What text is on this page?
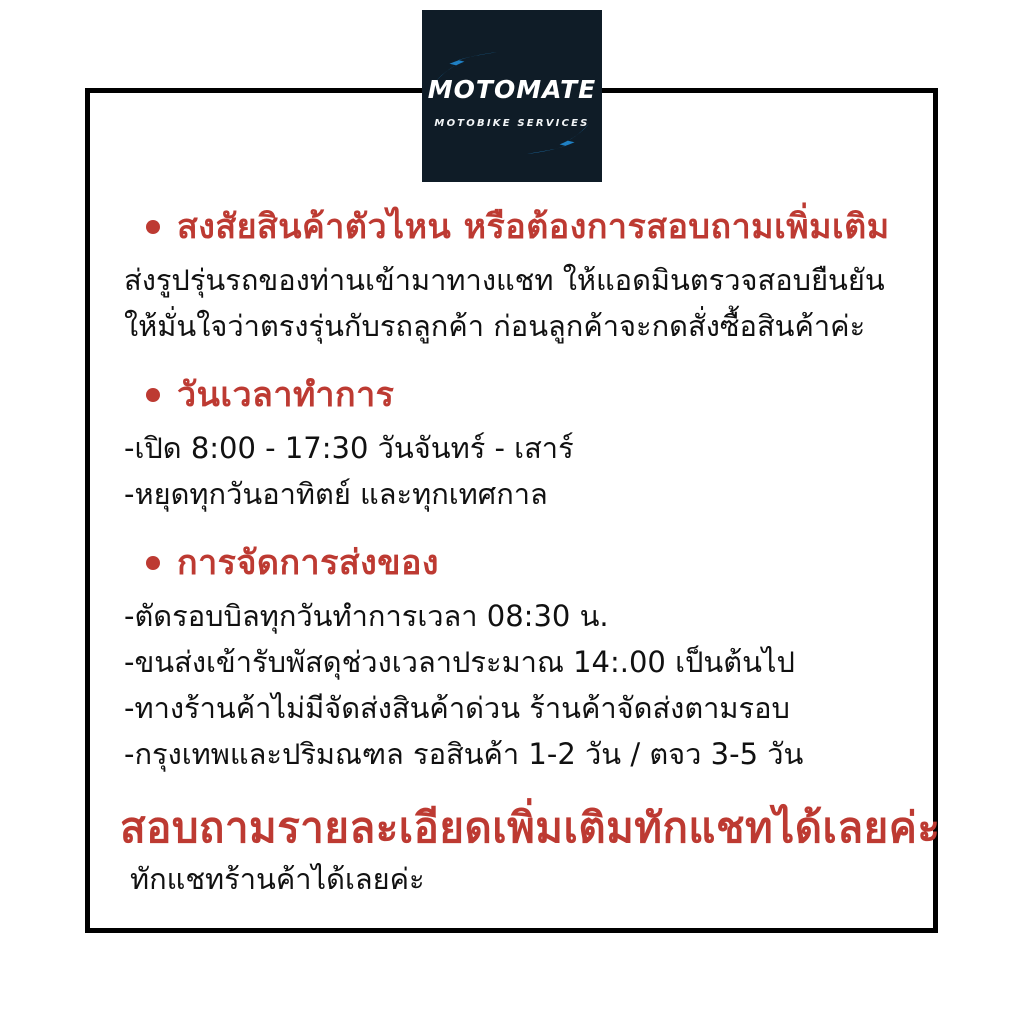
สงสัยสินค้าตัวไหน หรือต้องการสอบถามเพิ่มเติม
ส่งรูปรุ่นรถของท่านเข้ามาทางแชท ให้แอดมินตรวจสอบยืนยัน
ให้มั่นใจว่าตรงรุ่นกับรถลูกค้า ก่อนลูกค้าจะกดสั่งซื้อสินค้าค่ะ
วันเวลาทำการ
-เปิด 8:00 - 17:30 วันจันทร์ - เสาร์
-หยุดทุกวันอาทิตย์ และทุกเทศกาล
การจัดการส่งของ
-ตัดรอบบิลทุกวันทำการเวลา 08:30 น.
-ขนส่งเข้ารับพัสดุช่วงเวลาประมาณ 14:.00 เป็นต้นไป
-ทางร้านค้าไม่มีจัดส่งสินค้าด่วน ร้านค้าจัดส่งตามรอบ
-กรุงเทพและปริมณฑล รอสินค้า 1-2 วัน / ตจว 3-5 วัน
สอบถามรายละเอียดเพิ่มเติมทักแชทได้เลยค่ะ
ทักแชทร้านค้าได้เลยค่ะ
MOTOMATE
MOTOBIKE SERVICES
